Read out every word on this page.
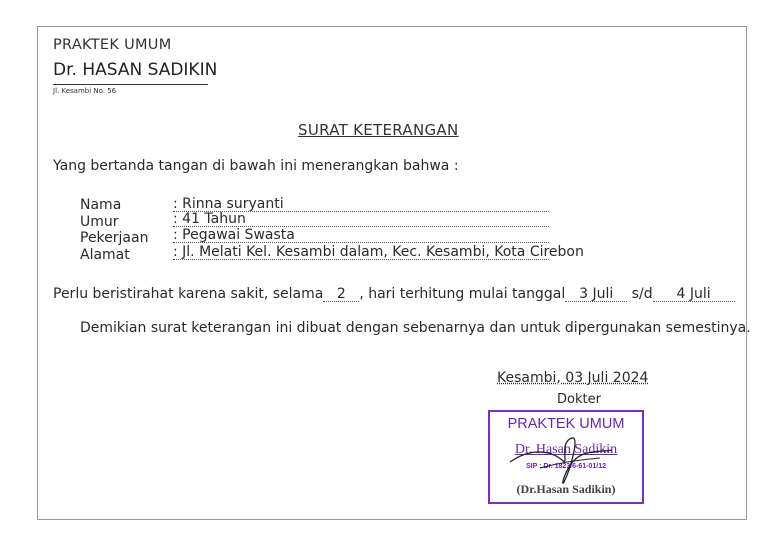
PRAKTEK UMUM
Dr. HASAN SADIKIN
Jl. Kesambi No. 56
SURAT KETERANGAN
Yang bertanda tangan di bawah ini menerangkan bahwa :
Nama	: Rinna suryanti
Umur	: 41 Tahun
Pekerjaan : Pegawai Swasta
Alamat	: Jl. Melati Kel. Kesambi dalam, Kec. Kesambi, Kota Cirebon
Perlu beristirahat karena sakit, selama 2 , hari terhitung mulai tanggal 3 Juli s/d 4 Juli
Demikian surat keterangan ini dibuat dengan sebenarnya dan untuk dipergunakan semestinya.
Kesambi, 03 Juli 2024
Dokter
PRAKTEK UMUM
Dr. Hasan Sadikin
SIP : Dr. 1823/6-61-01/12
(Dr.Hasan Sadikin)
